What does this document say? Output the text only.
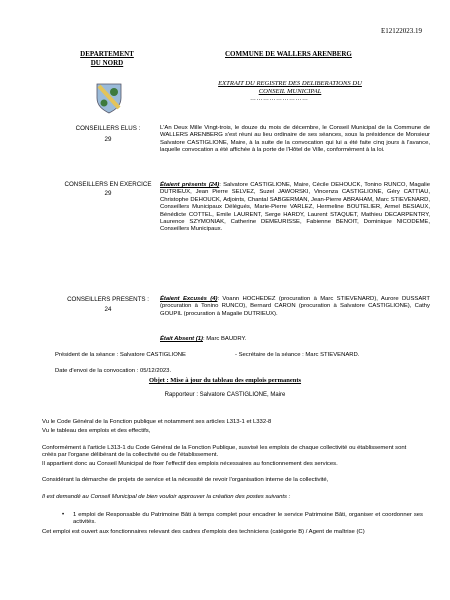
E12122023.19
DEPARTEMENT
DU NORD
COMMUNE DE WALLERS ARENBERG
EXTRAIT DU REGISTRE DES DELIBERATIONS DU
CONSEIL MUNICIPAL
………………………
CONSEILLERS ELUS :
29
CONSEILLERS EN EXERCICE
29
CONSEILLERS PRESENTS :
24
L'An Deux Mille Vingt-trois, le douze du mois de décembre, le Conseil Municipal de la Commune de WALLERS ARENBERG s'est réuni au lieu ordinaire de ses séances, sous la présidence de Monsieur Salvatore CASTIGLIONE, Maire, à la suite de la convocation qui lui a été faite cinq jours à l'avance, laquelle convocation a été affichée à la porte de l'Hôtel de Ville, conformément à la loi.
Étaient présents (24): Salvatore CASTIGLIONE, Maire, Cécile DEHOUCK, Tonino RUNCO, Magalie DUTRIEUX, Jean Pierre SELVEZ, Suzel JAWORSKI, Vincenza CASTIGLIONE, Géry CATTIAU, Christophe DEHOUCK, Adjoints, Chantal SABGERMAN, Jean-Pierre ABRAHAM, Marc STIEVENARD, Conseillers Municipaux Délégués, Marie-Pierre VARLEZ, Hermeline BOUTELIER, Armel BESIAUX, Bénédicte COTTEL, Emile LAURENT, Serge HARDY, Laurent STAQUET, Mathieu DECARPENTRY, Laurence SZYMONIAK, Catherine DEMEURISSE, Fabienne BENOIT, Dominique NICODEME, Conseillers Municipaux.
Étaient Excusés (4): Voann HOCHEDEZ (procuration à Marc STIEVENARD), Aurore DUSSART (procuration à Tonino RUNCO), Bernard CARON (procuration à Salvatore CASTIGLIONE), Cathy GOUPIL (procuration à Magalie DUTRIEUX).
Était Absent (1): Marc BAUDRY.
Président de la séance : Salvatore CASTIGLIONE	- Secrétaire de la séance : Marc STIEVENARD.
Date d'envoi de la convocation : 05/12/2023.
Objet : Mise à jour du tableau des emplois permanents
Rapporteur : Salvatore CASTIGLIONE, Maire
Vu le Code Général de la Fonction publique et notamment ses articles L313-1 et L332-8
Vu le tableau des emplois et des effectifs,
Conformément à l'article L313-1 du Code Général de la Fonction Publique, susvisé les emplois de chaque collectivité ou établissement sont créés par l'organe délibérant de la collectivité ou de l'établissement.
Il appartient donc au Conseil Municipal de fixer l'effectif des emplois nécessaires au fonctionnement des services.
Considérant la démarche de projets de service et la nécessité de revoir l'organisation interne de la collectivité,
Il est demandé au Conseil Municipal de bien vouloir approuver la création des postes suivants :
• 1 emploi de Responsable du Patrimoine Bâti à temps complet pour encadrer le service Patrimoine Bâti, organiser et coordonner ses activités.
Cet emploi est ouvert aux fonctionnaires relevant des cadres d'emplois des techniciens (catégorie B) / Agent de maîtrise (C)
